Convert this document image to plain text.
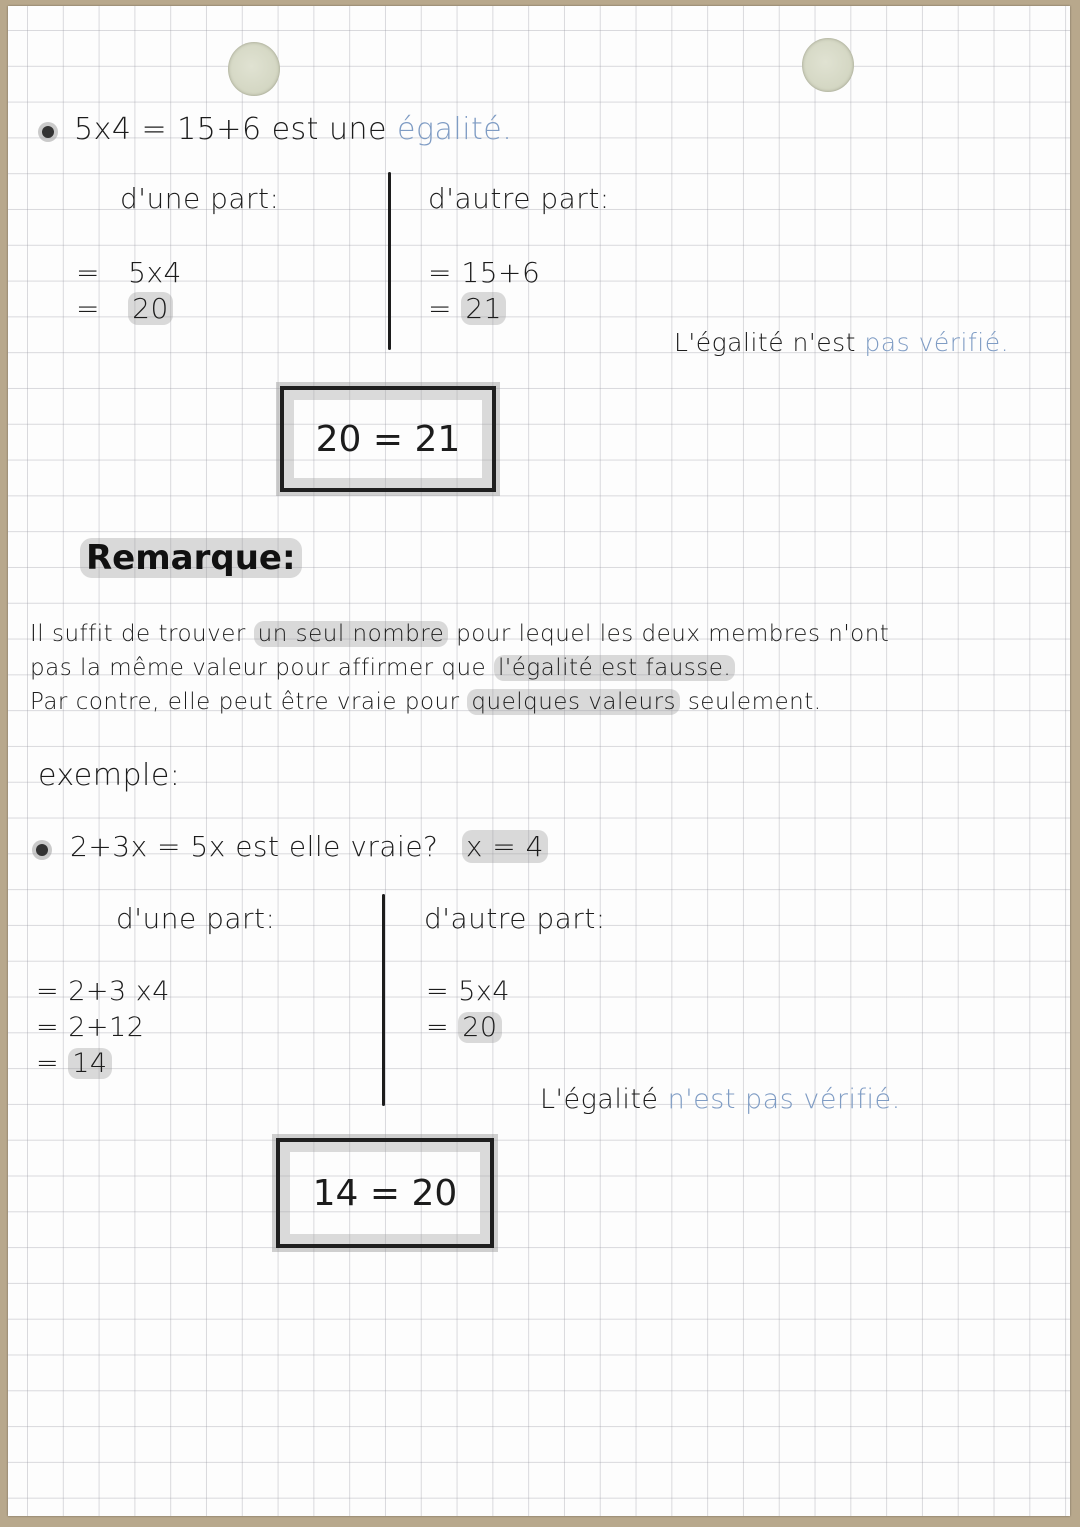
5x4 = 15+6 est une égalité.
d'une part:	d'autre part:
= 5x4
= 20
= 15+6
= 21
L'égalité n'est pas vérifié.
20 = 21
Remarque:
Il suffit de trouver un seul nombre pour lequel les deux membres n'ont
pas la même valeur pour affirmer que l'égalité est fausse.
Par contre, elle peut être vraie pour quelques valeurs seulement.
exemple:
2+3x = 5x est elle vraie? x = 4
d'une part:	d'autre part:
= 2+3 x4
= 2+12
= 14
= 5x4
= 20
L'égalité n'est pas vérifié.
14 = 20
